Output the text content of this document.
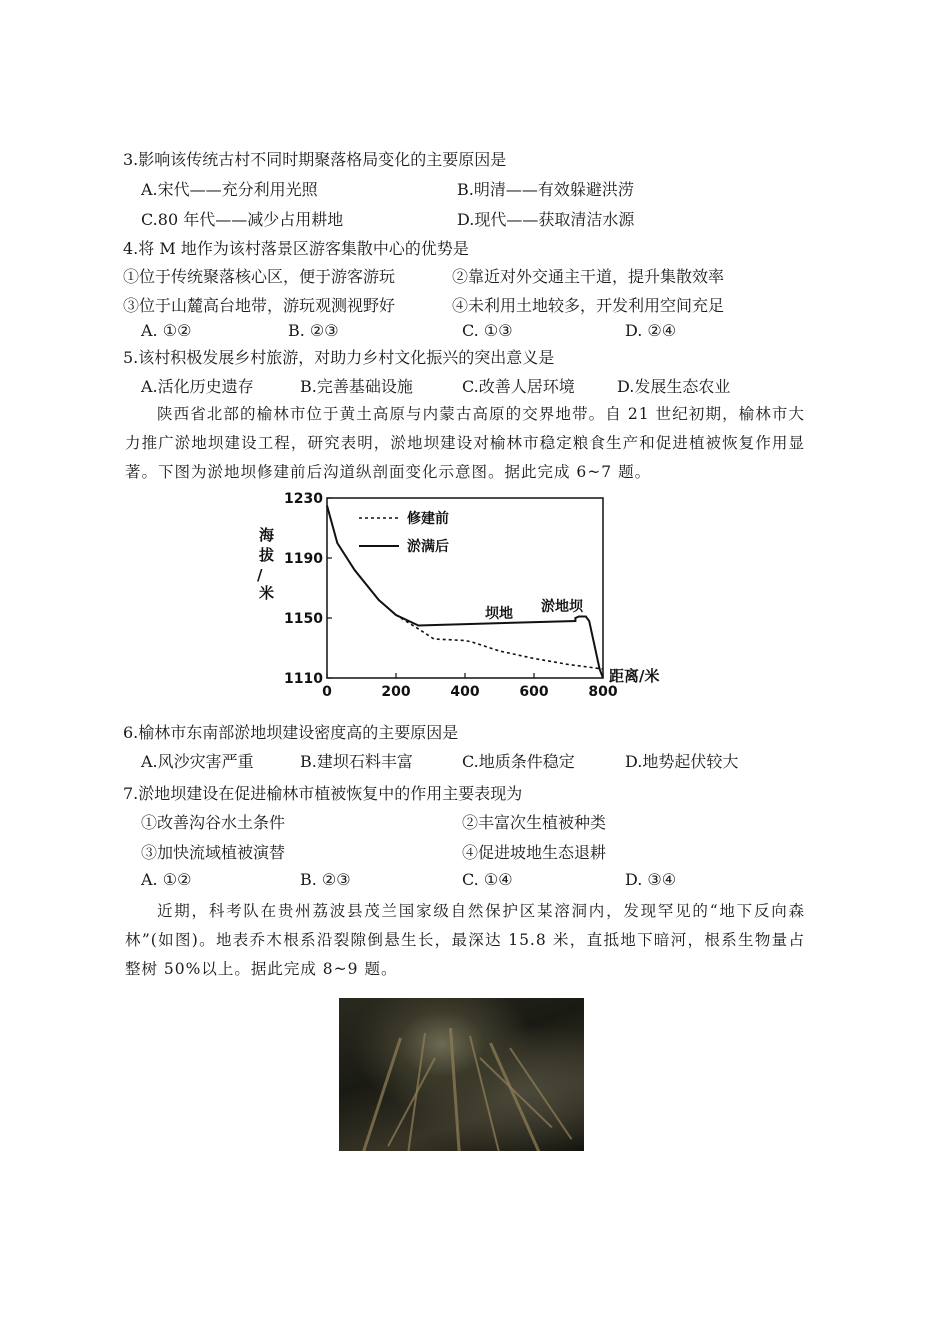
3.影响该传统古村不同时期聚落格局变化的主要原因是
A.宋代——充分利用光照	B.明清——有效躲避洪涝
C.80 年代——减少占用耕地	D.现代——获取清洁水源
4.将 M 地作为该村落景区游客集散中心的优势是
①位于传统聚落核心区，便于游客游玩	②靠近对外交通主干道，提升集散效率
③位于山麓高台地带，游玩观测视野好	④未利用土地较多，开发利用空间充足
A. ①②	B. ②③	C. ①③	D. ②④
5.该村积极发展乡村旅游，对助力乡村文化振兴的突出意义是
A.活化历史遗存	B.完善基础设施	C.改善人居环境	D.发展生态农业

陕西省北部的榆林市位于黄土高原与内蒙古高原的交界地带。自 21 世纪初期，榆林市大力推广淤地坝建设工程，研究表明，淤地坝建设对榆林市稳定粮食生产和促进植被恢复作用显著。下图为淤地坝修建前后沟道纵剖面变化示意图。据此完成 6~7 题。

1230
1190
1150
1110
0	200	400	600	800
海
拔
/
米
距离/米
修建前
淤满后
坝地 淤地坝
6.榆林市东南部淤地坝建设密度高的主要原因是
A.风沙灾害严重	B.建坝石料丰富	C.地质条件稳定	D.地势起伏较大
7.淤地坝建设在促进榆林市植被恢复中的作用主要表现为
①改善沟谷水土条件	②丰富次生植被种类
③加快流域植被演替	④促进坡地生态退耕
A. ①②	B. ②③	C. ①④	D. ③④

近期，科考队在贵州荔波县茂兰国家级自然保护区某溶洞内，发现罕见的“地下反向森林”(如图)。地表乔木根系沿裂隙倒悬生长，最深达 15.8 米，直抵地下暗河，根系生物量占整树 50%以上。据此完成 8~9 题。
